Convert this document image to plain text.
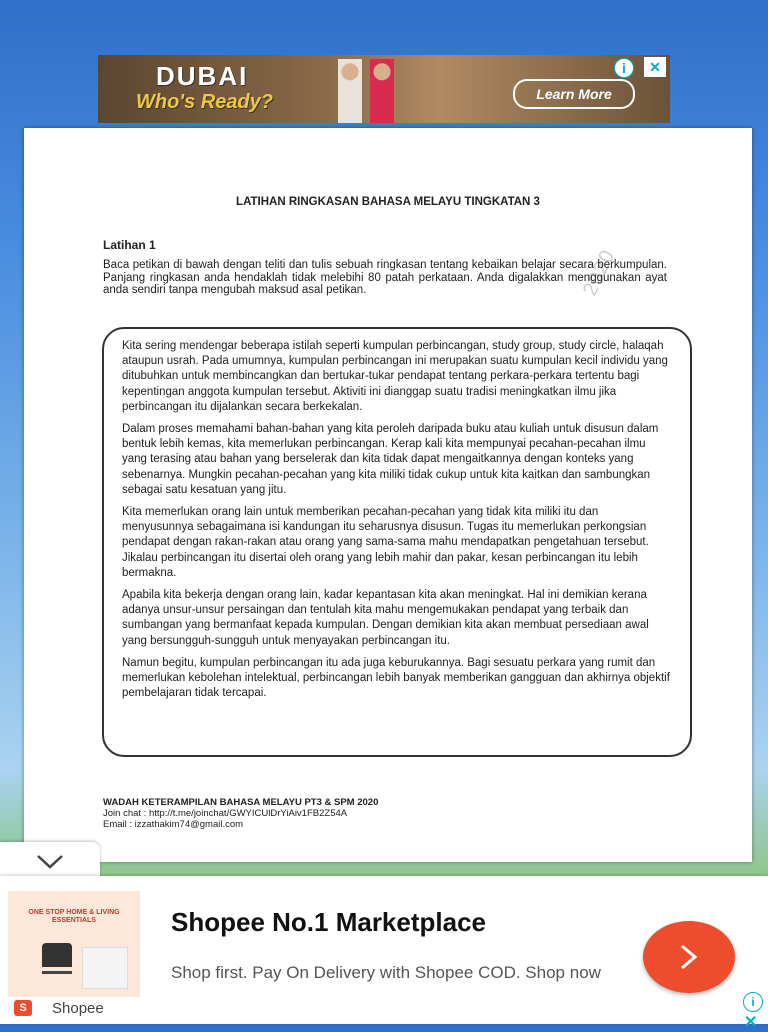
DUBAI
Who's Ready?	Learn More
i	✕
2020
LATIHAN RINGKASAN BAHASA MELAYU TINGKATAN 3
Latihan 1

Baca petikan di bawah dengan teliti dan tulis sebuah ringkasan tentang kebaikan belajar secara berkumpulan. Panjang ringkasan anda hendaklah tidak melebihi 80 patah perkataan. Anda digalakkan menggunakan ayat anda sendiri tanpa mengubah maksud asal petikan.

Kita sering mendengar beberapa istilah seperti kumpulan perbincangan, study group, study circle, halaqah ataupun usrah. Pada umumnya, kumpulan perbincangan ini merupakan suatu kumpulan kecil individu yang ditubuhkan untuk membincangkan dan bertukar-tukar pendapat tentang perkara-perkara tertentu bagi kepentingan anggota kumpulan tersebut. Aktiviti ini dianggap suatu tradisi meningkatkan ilmu jika perbincangan itu dijalankan secara berkekalan.

Dalam proses memahami bahan-bahan yang kita peroleh daripada buku atau kuliah untuk disusun dalam bentuk lebih kemas, kita memerlukan perbincangan. Kerap kali kita mempunyai pecahan-pecahan ilmu yang terasing atau bahan yang berselerak dan kita tidak dapat mengaitkannya dengan konteks yang sebenarnya. Mungkin pecahan-pecahan yang kita miliki tidak cukup untuk kita kaitkan dan sambungkan sebagai satu kesatuan yang jitu.

Kita memerlukan orang lain untuk memberikan pecahan-pecahan yang tidak kita miliki itu dan menyusunnya sebagaimana isi kandungan itu seharusnya disusun. Tugas itu memerlukan perkongsian pendapat dengan rakan-rakan atau orang yang sama-sama mahu mendapatkan pengetahuan tersebut. Jikalau perbincangan itu disertai oleh orang yang lebih mahir dan pakar, kesan perbincangan itu lebih bermakna.

Apabila kita bekerja dengan orang lain, kadar kepantasan kita akan meningkat. Hal ini demikian kerana adanya unsur-unsur persaingan dan tentulah kita mahu mengemukakan pendapat yang terbaik dan sumbangan yang bermanfaat kepada kumpulan. Dengan demikian kita akan membuat persediaan awal yang bersungguh-sungguh untuk menyayakan perbincangan itu.

Namun begitu, kumpulan perbincangan itu ada juga keburukannya. Bagi sesuatu perkara yang rumit dan memerlukan kebolehan intelektual, perbincangan lebih banyak memberikan gangguan dan akhirnya objektif pembelajaran tidak tercapai.

WADAH KETERAMPILAN BAHASA MELAYU PT3 & SPM 2020
Join chat : http://t.me/joinchat/GWYICUlDrYiAiv1FB2Z54A
Email : izzathakim74@gmail.com
ONE STOP HOME & LIVING ESSENTIALS
S	Shopee
Shopee No.1 Marketplace
Shop first. Pay On Delivery with Shopee COD. Shop now
i
✕
